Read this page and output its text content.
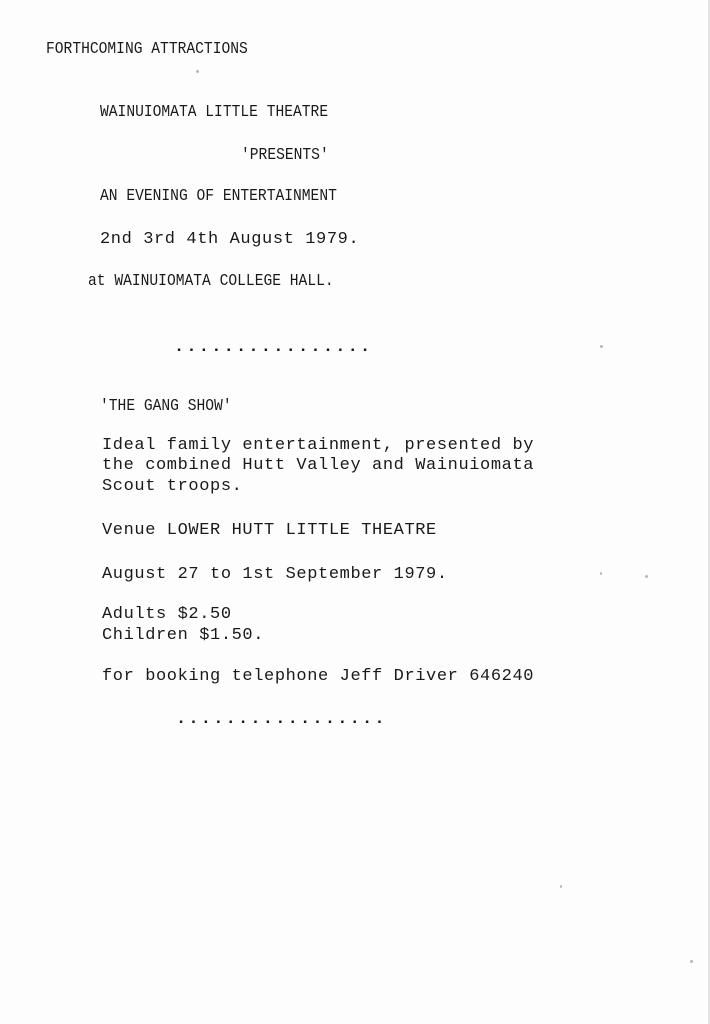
FORTHCOMING ATTRACTIONS

WAINUIOMATA LITTLE THEATRE

'PRESENTS'

AN EVENING OF ENTERTAINMENT

2nd 3rd 4th August 1979.

at WAINUIOMATA COLLEGE HALL.

................

'THE GANG SHOW'

Ideal family entertainment, presented by

the combined Hutt Valley and Wainuiomata

Scout troops.

Venue LOWER HUTT LITTLE THEATRE

August 27 to 1st September 1979.

Adults $2.50

Children $1.50.

for booking telephone Jeff Driver 646240

.................
